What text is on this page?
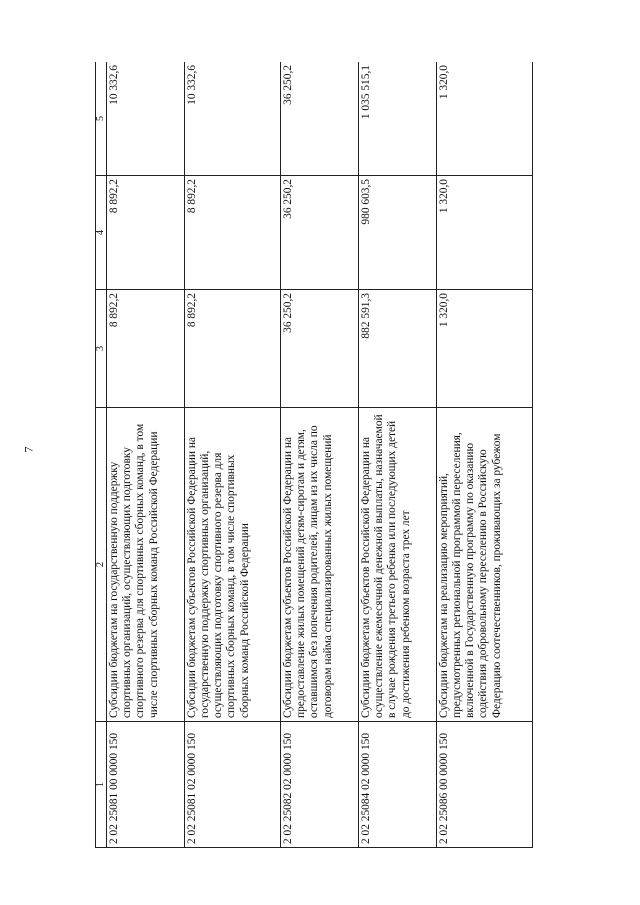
7
1	2	3	4	5
2 02 25081 00 0000 150	Субсидии бюджетам на государственную поддержку спортивных организаций, осуществляющих подготовку спортивного резерва для спортивных сборных команд, в том числе спортивных сборных команд Российской Федерации	8 892,2	8 892,2	10 332,6
2 02 25081 02 0000 150	Субсидии бюджетам субъектов Российской Федерации на государственную поддержку спортивных организаций, осуществляющих подготовку спортивного резерва для спортивных сборных команд, в том числе спортивных сборных команд Российской Федерации	8 892,2	8 892,2	10 332,6
2 02 25082 02 0000 150	Субсидии бюджетам субъектов Российской Федерации на предоставление жилых помещений детям-сиротам и детям, оставшимся без попечения родителей, лицам из их числа по договорам найма специализированных жилых помещений	36 250,2	36 250,2	36 250,2
2 02 25084 02 0000 150	Субсидии бюджетам субъектов Российской Федерации на осуществление ежемесячной денежной выплаты, назначаемой в случае рождения третьего ребенка или последующих детей до достижения ребенком возраста трех лет	882 591,3	980 603,5	1 035 515,1
2 02 25086 00 0000 150	Субсидии бюджетам на реализацию мероприятий, предусмотренных региональной программой переселения, включенной в Государственную программу по оказанию содействия добровольному переселению в Российскую Федерацию соотечественников, проживающих за рубежом	1 320,0	1 320,0	1 320,0
